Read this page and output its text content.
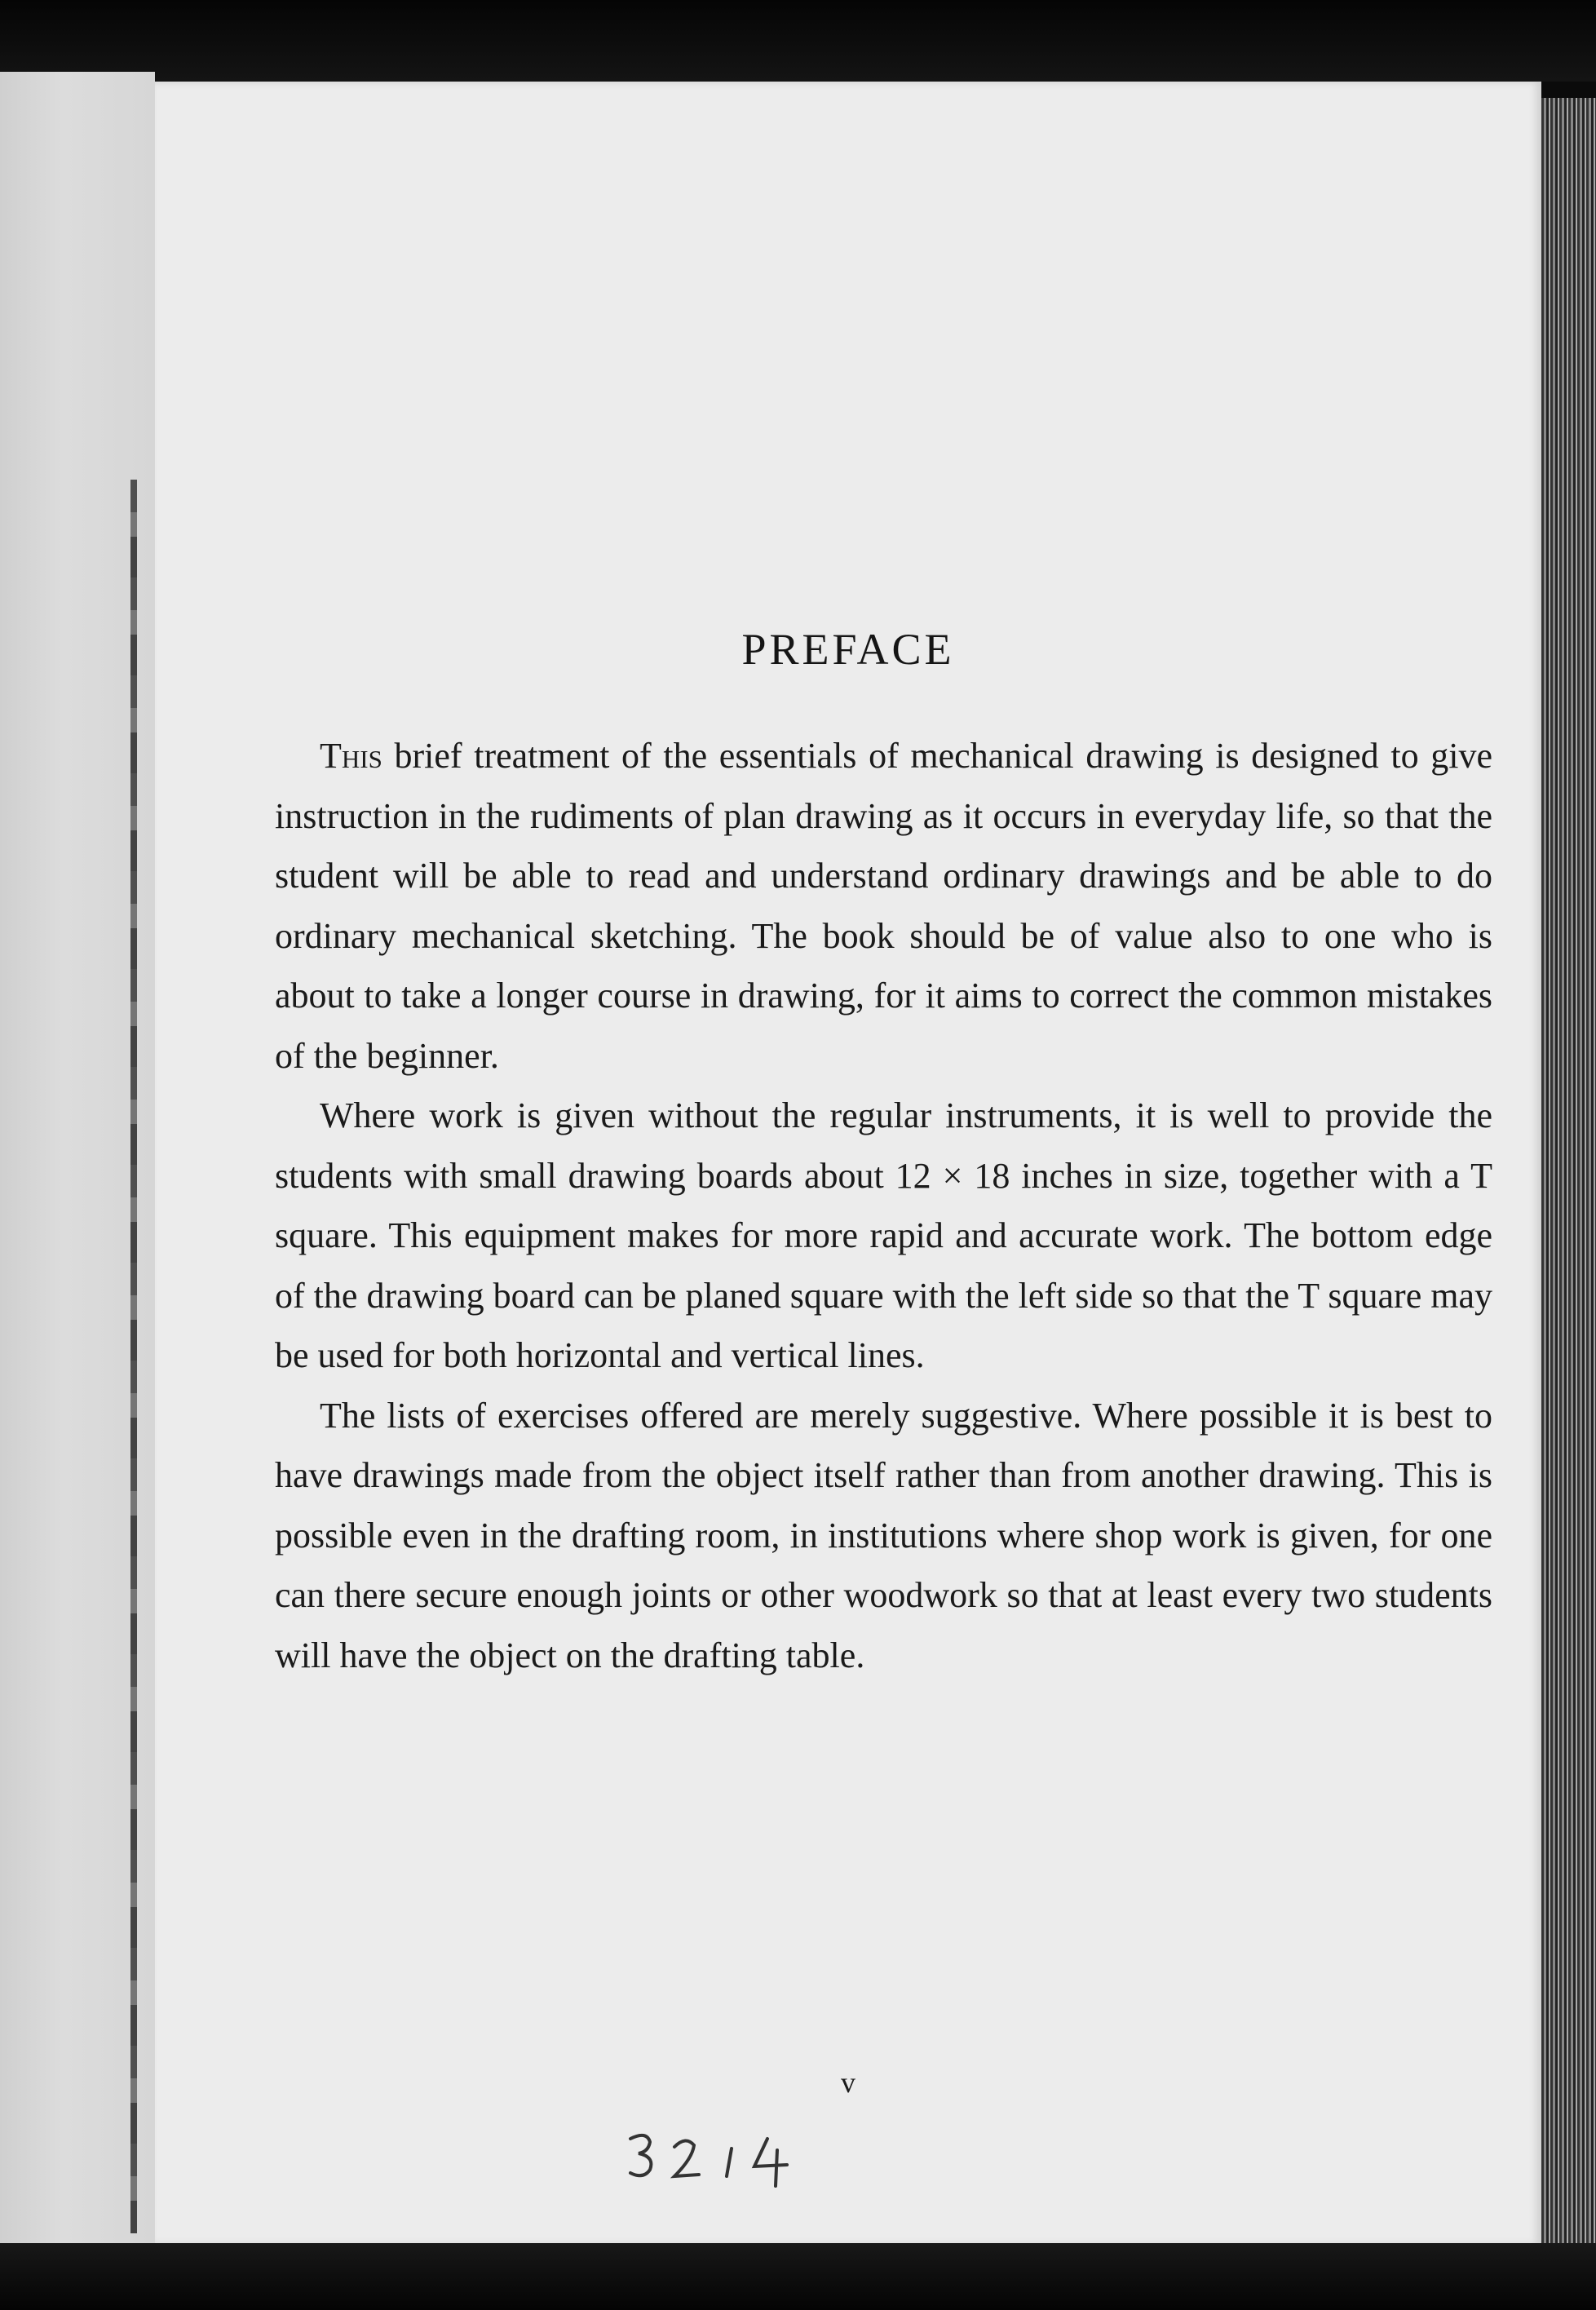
PREFACE

This brief treatment of the essentials of mechanical drawing is designed to give instruction in the rudiments of plan drawing as it occurs in everyday life, so that the student will be able to read and understand ordinary drawings and be able to do ordinary mechanical sketching. The book should be of value also to one who is about to take a longer course in drawing, for it aims to correct the common mistakes of the beginner.

Where work is given without the regular instruments, it is well to provide the students with small drawing boards about 12 × 18 inches in size, together with a T square. This equipment makes for more rapid and accurate work. The bottom edge of the drawing board can be planed square with the left side so that the T square may be used for both horizontal and vertical lines.

The lists of exercises offered are merely suggestive. Where possible it is best to have drawings made from the object itself rather than from another drawing. This is possible even in the drafting room, in institutions where shop work is given, for one can there secure enough joints or other woodwork so that at least every two students will have the object on the drafting table.

v
